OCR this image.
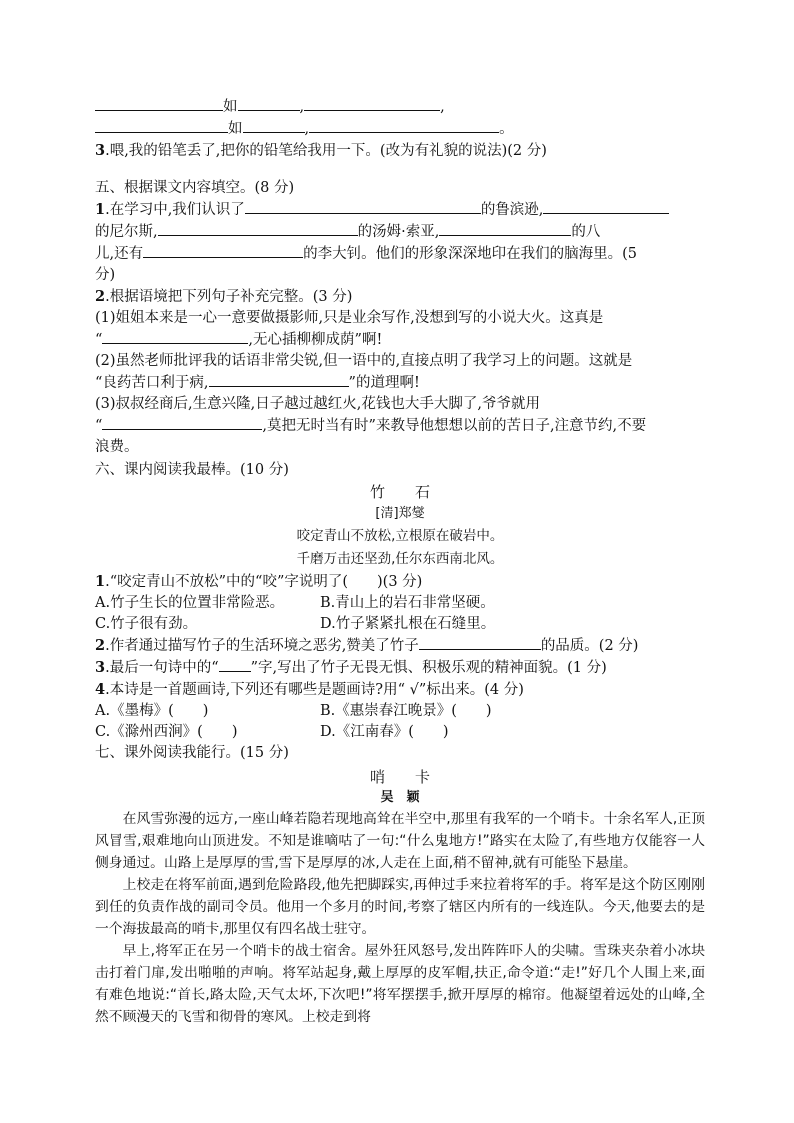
如	,	,
如	,	。
3.喂,我的铅笔丢了,把你的铅笔给我用一下。(改为有礼貌的说法)(2 分)
五、根据课文内容填空。(8 分)
1.在学习中,我们认识了	的鲁滨逊,
的尼尔斯,	的汤姆·索亚,	的八
儿,还有	的李大钊。他们的形象深深地印在我们的脑海里。(5
分)
2.根据语境把下列句子补充完整。(3 分)
(1)姐姐本来是一心一意要做摄影师,只是业余写作,没想到写的小说大火。这真是
“	,无心插柳柳成荫”啊!
(2)虽然老师批评我的话语非常尖锐,但一语中的,直接点明了我学习上的问题。这就是
“良药苦口利于病,	”的道理啊!
(3)叔叔经商后,生意兴隆,日子越过越红火,花钱也大手大脚了,爷爷就用
“	,莫把无时当有时”来教导他想想以前的苦日子,注意节约,不要
浪费。
六、课内阅读我最棒。(10 分)
竹　　石
[清]郑燮
咬定青山不放松,立根原在破岩中。
千磨万击还坚劲,任尔东西南北风。
1.“咬定青山不放松”中的“咬”字说明了(　　)(3 分)
A.竹子生长的位置非常险恶。	B.青山上的岩石非常坚硬。
C.竹子很有劲。	D.竹子紧紧扎根在石缝里。
2.作者通过描写竹子的生活环境之恶劣,赞美了竹子	的品质。(2 分)
3.最后一句诗中的“ ”字,写出了竹子无畏无惧、积极乐观的精神面貌。(1 分)
4.本诗是一首题画诗,下列还有哪些是题画诗?用“ √”标出来。(4 分)
A.《墨梅》(　　)	B.《惠崇春江晚景》(　　)
C.《滁州西涧》(　　)	D.《江南春》(　　)
七、课外阅读我能行。(15 分)
哨　　卡
吴　颖

在风雪弥漫的远方,一座山峰若隐若现地高耸在半空中,那里有我军的一个哨卡。十余名军人,正顶风冒雪,艰难地向山顶进发。不知是谁嘀咕了一句:“什么鬼地方!”路实在太险了,有些地方仅能容一人侧身通过。山路上是厚厚的雪,雪下是厚厚的冰,人走在上面,稍不留神,就有可能坠下悬崖。

上校走在将军前面,遇到危险路段,他先把脚踩实,再伸过手来拉着将军的手。将军是这个防区刚刚到任的负责作战的副司令员。他用一个多月的时间,考察了辖区内所有的一线连队。今天,他要去的是一个海拔最高的哨卡,那里仅有四名战士驻守。

早上,将军正在另一个哨卡的战士宿舍。屋外狂风怒号,发出阵阵吓人的尖啸。雪珠夹杂着小冰块击打着门扉,发出啪啪的声响。将军站起身,戴上厚厚的皮军帽,扶正,命令道:“走!”好几个人围上来,面有难色地说:“首长,路太险,天气太坏,下次吧!”将军摆摆手,掀开厚厚的棉帘。他凝望着远处的山峰,全然不顾漫天的飞雪和彻骨的寒风。上校走到将
